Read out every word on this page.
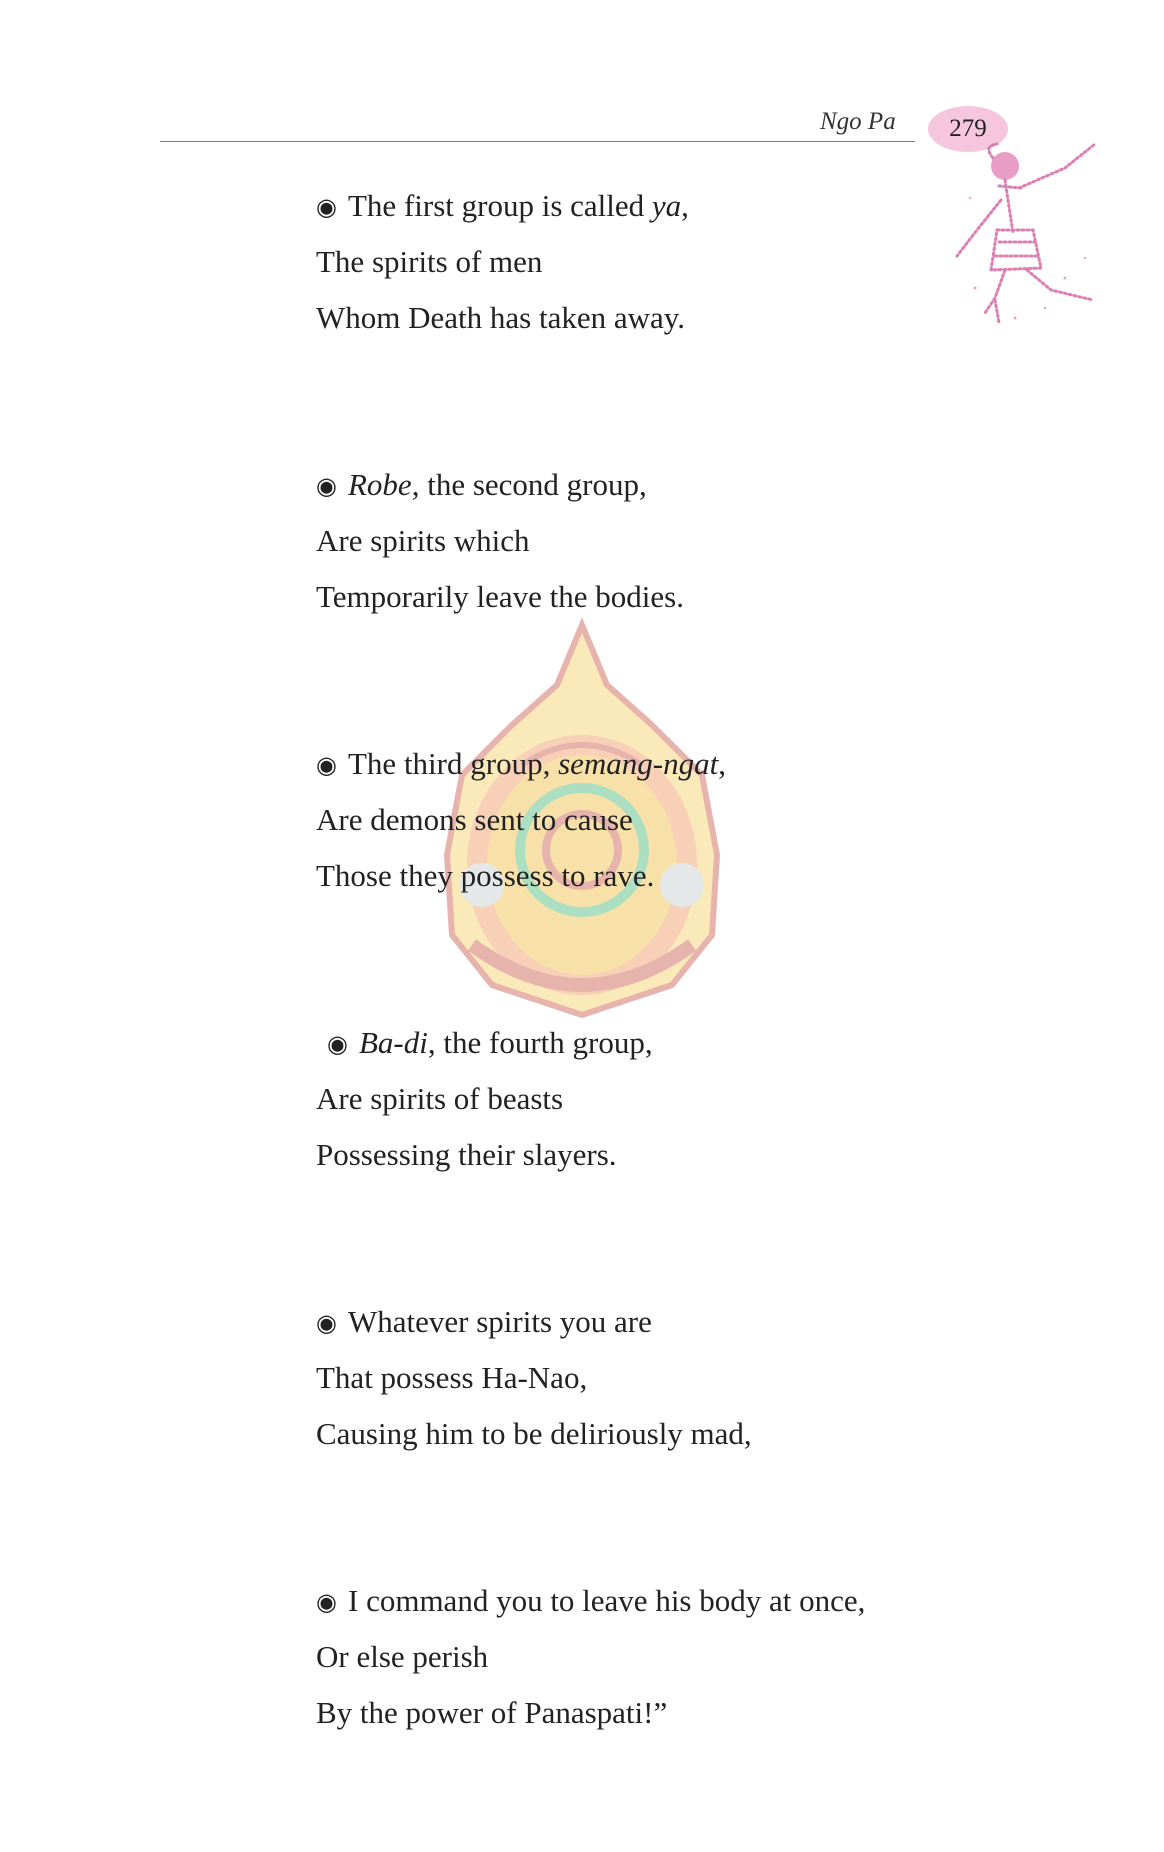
Ngo Pa 279
◉ The first group is called ya,
The spirits of men
Whom Death has taken away.
◉ Robe, the second group,
Are spirits which
Temporarily leave the bodies.
◉ The third group, semang-ngat,
Are demons sent to cause
Those they possess to rave.
◉ Ba-di, the fourth group,
Are spirits of beasts
Possessing their slayers.
◉ Whatever spirits you are
That possess Ha-Nao,
Causing him to be deliriously mad,
◉ I command you to leave his body at once,
Or else perish
By the power of Panaspati!”
